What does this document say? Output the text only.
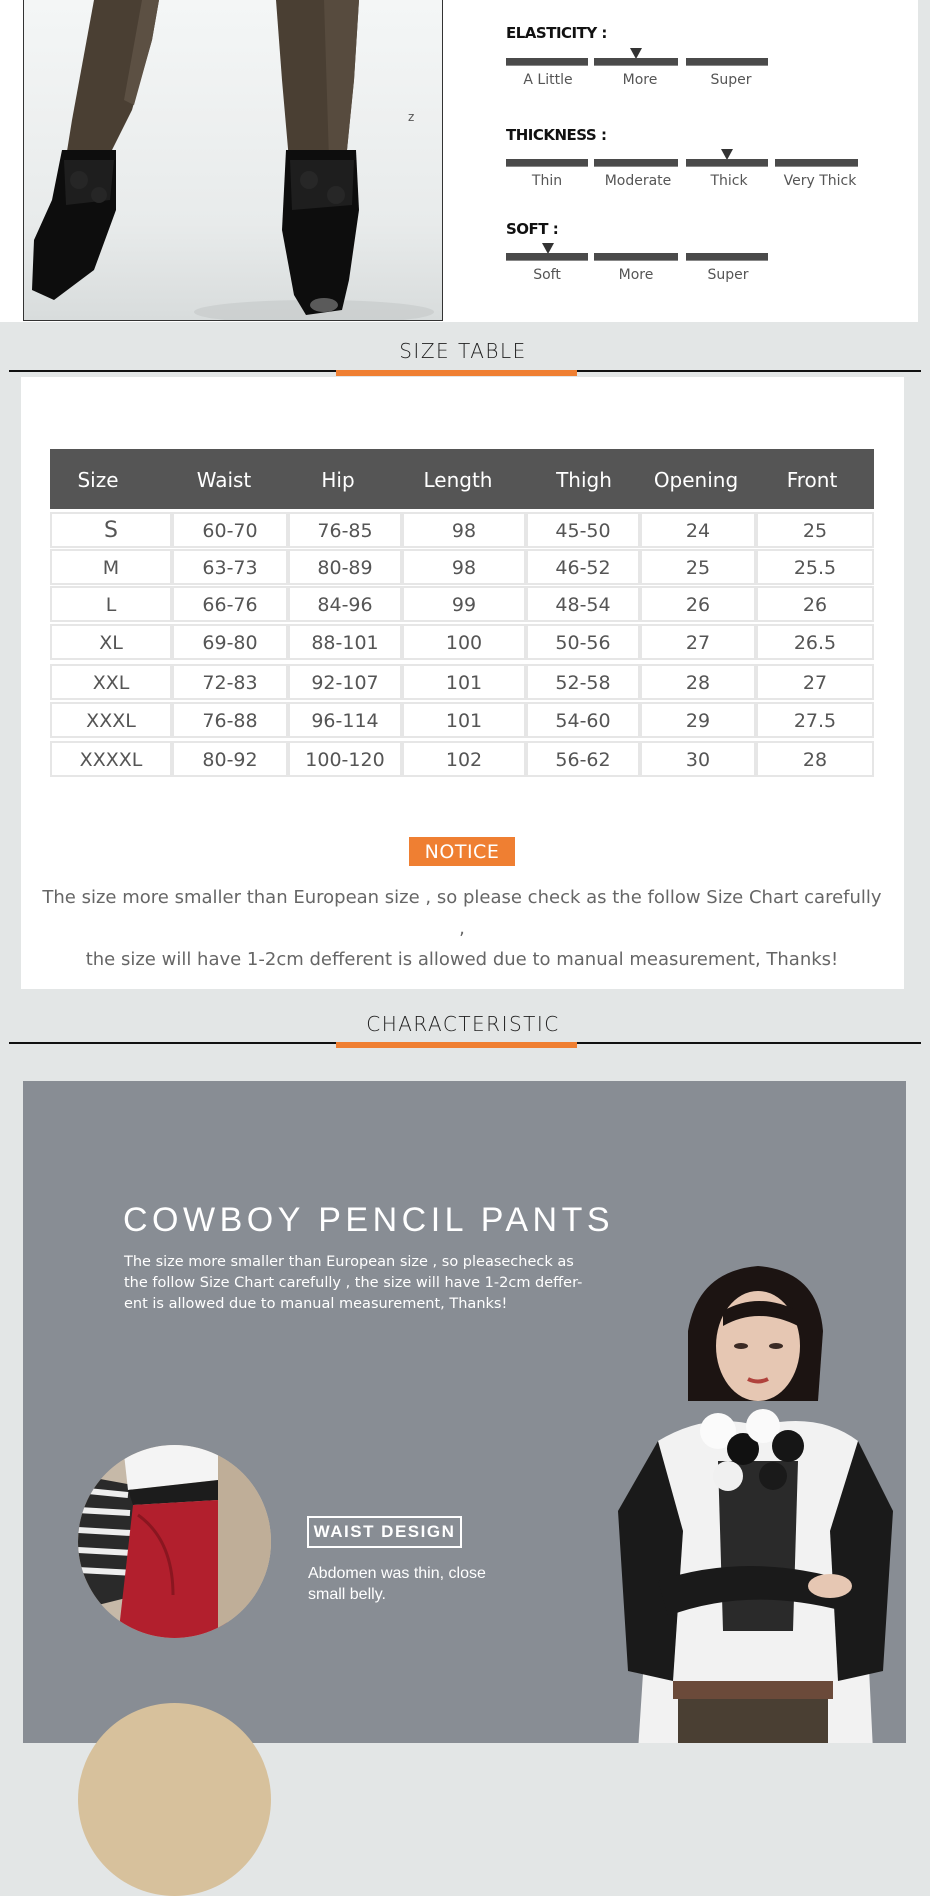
z
ELASTICITY :
A Little	More	Super
THICKNESS :
Thin	Moderate	Thick	Very Thick
SOFT :
Soft	More	Super
SIZE TABLE
Size	Waist	Hip	Length	Thigh	Opening	Front
S	60-70	76-85	98	45-50	24	25
M	63-73	80-89	98	46-52	25	25.5
L	66-76	84-96	99	48-54	26	26
XL	69-80	88-101	100	50-56	27	26.5
XXL	72-83	92-107	101	52-58	28	27
XXXL	76-88	96-114	101	54-60	29	27.5
XXXXL	80-92	100-120	102	56-62	30	28
NOTICE
The size more smaller than European size , so please check as the follow Size Chart carefully ,
the size will have 1-2cm defferent is allowed due to manual measurement, Thanks!
CHARACTERISTIC
COWBOY PENCIL PANTS
The size more smaller than European size , so pleasecheck as
the follow Size Chart carefully , the size will have 1-2cm deffer-
ent is allowed due to manual measurement, Thanks!
WAIST DESIGN
Abdomen was thin, close
small belly.
